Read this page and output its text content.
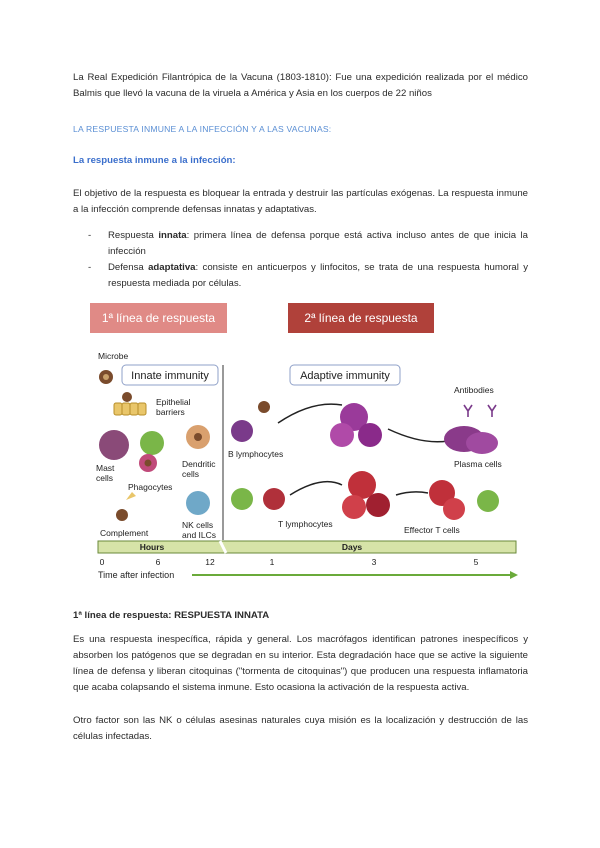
La Real Expedición Filantrópica de la Vacuna (1803-1810): Fue una expedición realizada por el médico Balmis que llevó la vacuna de la viruela a América y Asia en los cuerpos de 22 niños
LA RESPUESTA INMUNE A LA INFECCIÓN Y A LAS VACUNAS:
La respuesta inmune a la infección:
El objetivo de la respuesta es bloquear la entrada y destruir las partículas exógenas. La respuesta inmune a la infección comprende defensas innatas y adaptativas.
- Respuesta innata: primera línea de defensa porque está activa incluso antes de que inicia la infección
- Defensa adaptativa: consiste en anticuerpos y linfocitos, se trata de una respuesta humoral y respuesta mediada por células.
1ª línea de respuesta	2ª línea de respuesta
Innate immunity	Adaptive immunity
Microbe
Epithelial
barriers
Mast
cells
Phagocytes
Dendritic
cells
Complement
NK cells
and ILCs
B lymphocytes
Antibodies
Plasma cells
T lymphocytes
Effector T cells
Hours	Days
0	6	12	1	3	5
Time after infection
1ª línea de respuesta: RESPUESTA INNATA
Es una respuesta inespecífica, rápida y general. Los macrófagos identifican patrones inespecíficos y absorben los patógenos que se degradan en su interior. Esta degradación hace que se active la siguiente línea de defensa y liberan citoquinas ("tormenta de citoquinas") que producen una respuesta inflamatoria que acaba colapsando el sistema inmune. Esto ocasiona la activación de la respuesta activa.
Otro factor son las NK o células asesinas naturales cuya misión es la localización y destrucción de las células infectadas.
